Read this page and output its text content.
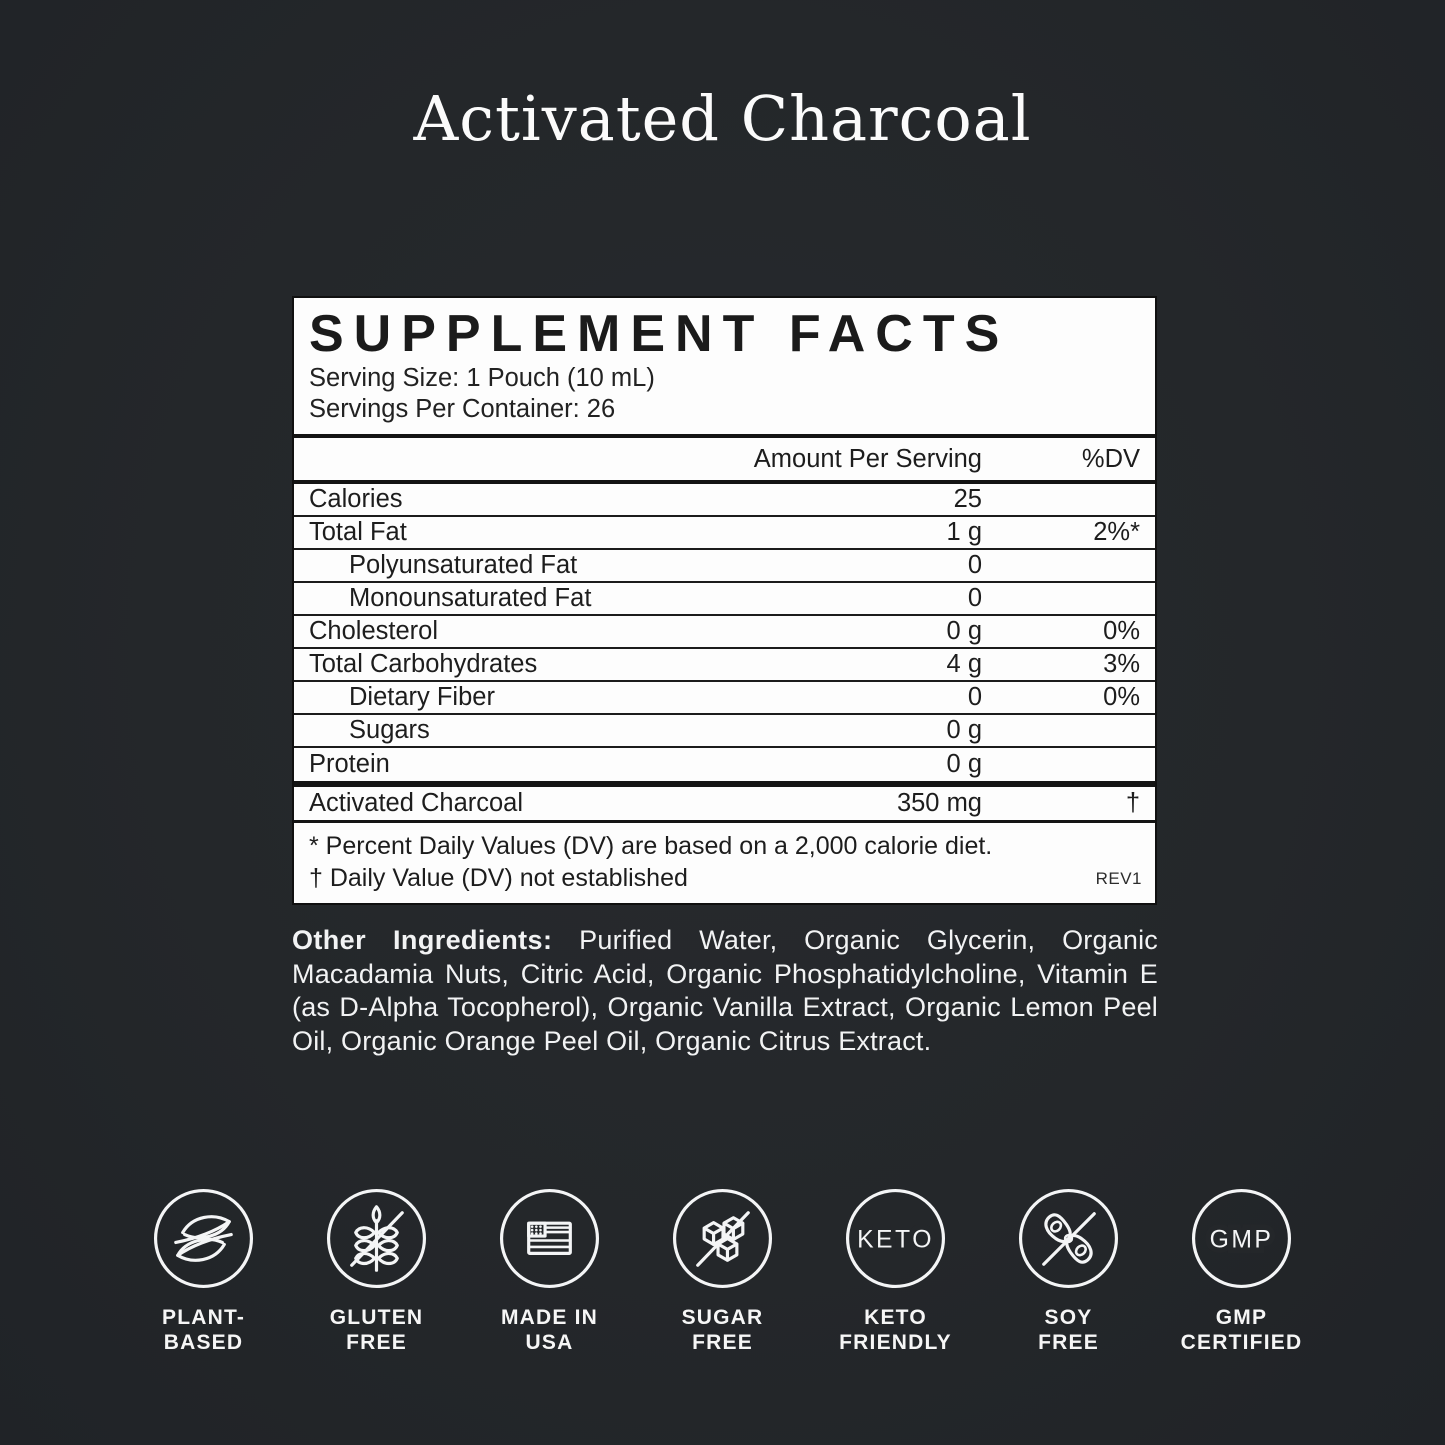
Activated Charcoal
SUPPLEMENT FACTS
Serving Size: 1 Pouch (10 mL)
Servings Per Container: 26
Amount Per Serving	%DV
Calories	25
Total Fat	1 g	2%*
Polyunsaturated Fat	0
Monounsaturated Fat	0
Cholesterol	0 g	0%
Total Carbohydrates	4 g	3%
Dietary Fiber	0	0%
Sugars	0 g
Protein	0 g
Activated Charcoal	350 mg	†
* Percent Daily Values (DV) are based on a 2,000 calorie diet.
† Daily Value (DV) not established	REV1

Other Ingredients: Purified Water, Organic Glycerin, Organic Macadamia Nuts, Citric Acid, Organic Phosphatidylcholine, Vitamin E (as D-Alpha Tocopherol), Organic Vanilla Extract, Organic Lemon Peel Oil, Organic Orange Peel Oil, Organic Citrus Extract.

PLANT-
BASED
GLUTEN
FREE
MADE IN
USA
SUGAR
FREE
KETO
KETO
FRIENDLY
SOY
FREE
GMP
GMP
CERTIFIED
